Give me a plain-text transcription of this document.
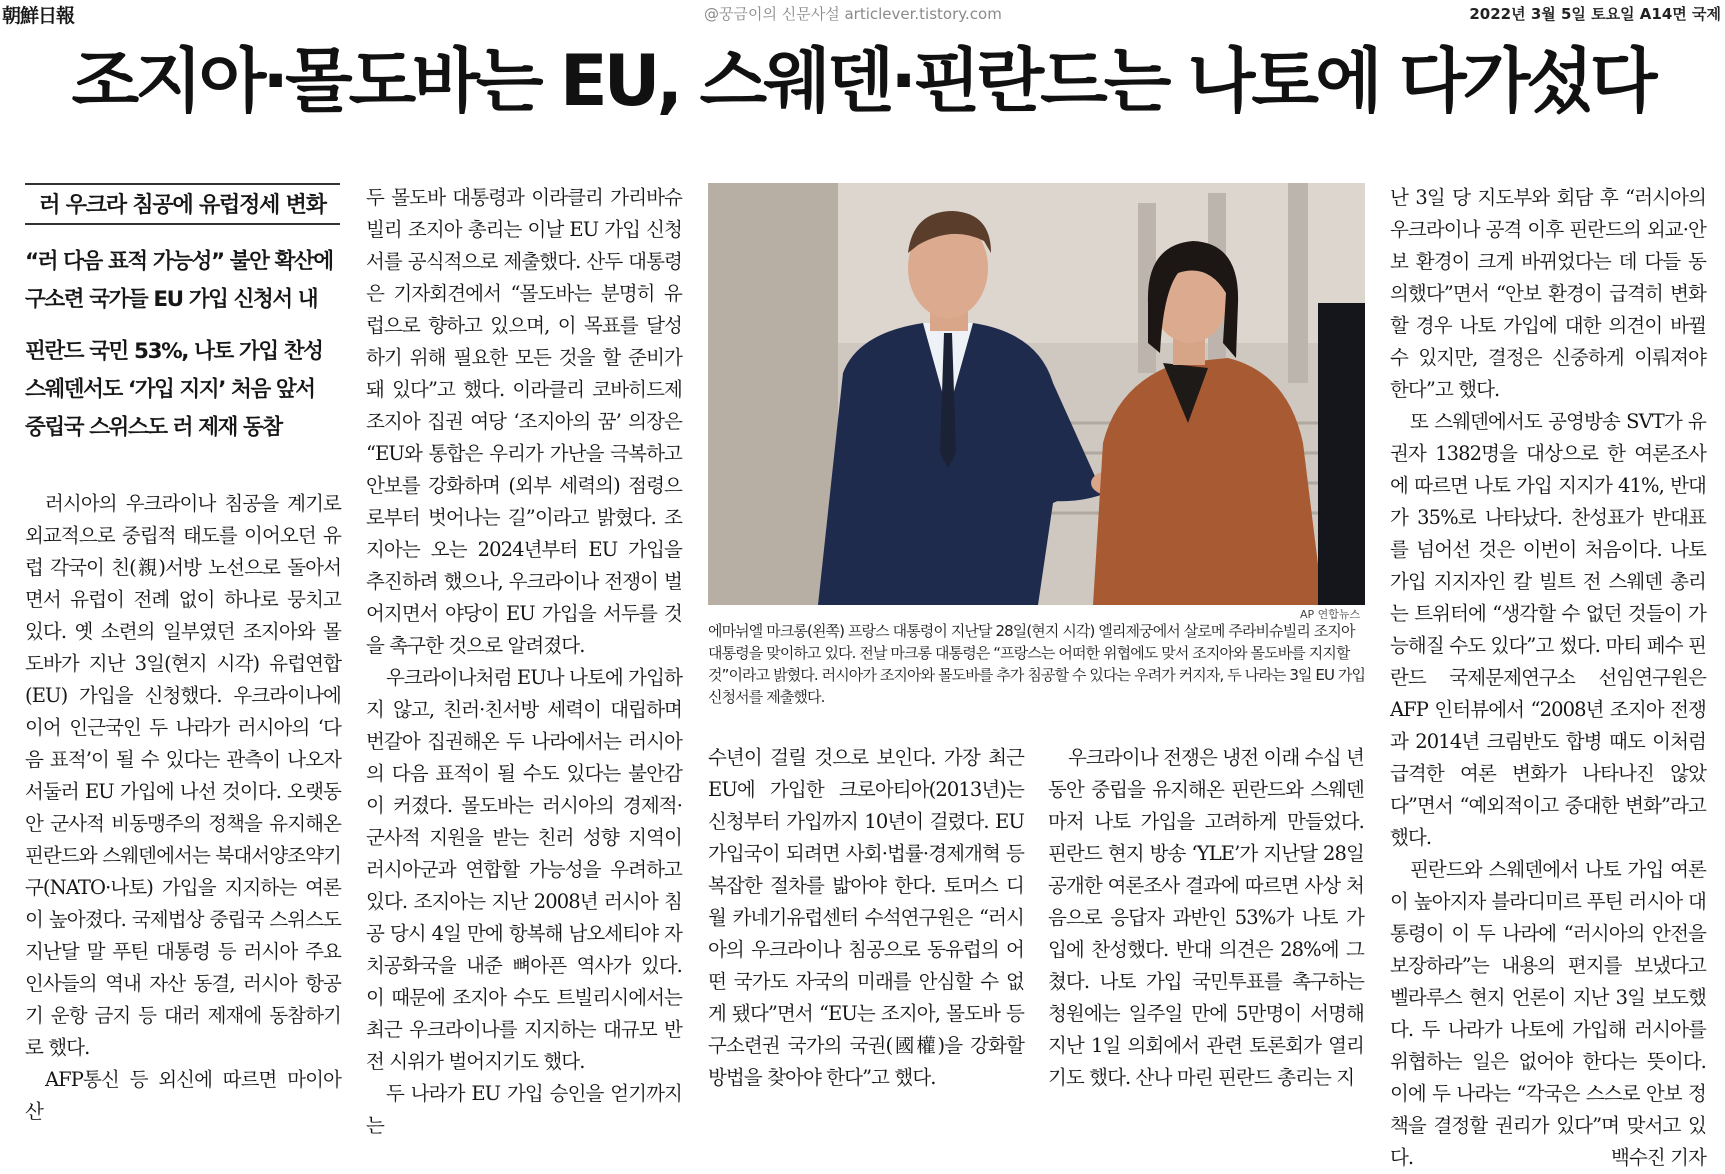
朝鮮日報	@꿍금이의 신문사설 articlever.tistory.com	2022년 3월 5일 토요일 A14면 국제
조지아·몰도바는 EU, 스웨덴·핀란드는 나토에 다가섰다
러 우크라 침공에 유럽정세 변화
“러 다음 표적 가능성” 불안 확산에
구소련 국가들 EU 가입 신청서 내
핀란드 국민 53%, 나토 가입 찬성
스웨덴서도 ‘가입 지지’ 처음 앞서
중립국 스위스도 러 제재 동참

러시아의 우크라이나 침공을 계기로 외교적으로 중립적 태도를 이어오던 유럽 각국이 친(親)서방 노선으로 돌아서면서 유럽이 전례 없이 하나로 뭉치고 있다. 옛 소련의 일부였던 조지아와 몰도바가 지난 3일(현지 시각) 유럽연합(EU) 가입을 신청했다. 우크라이나에 이어 인근국인 두 나라가 러시아의 ‘다음 표적’이 될 수 있다는 관측이 나오자 서둘러 EU 가입에 나선 것이다. 오랫동안 군사적 비동맹주의 정책을 유지해온 핀란드와 스웨덴에서는 북대서양조약기구(NATO·나토) 가입을 지지하는 여론이 높아졌다. 국제법상 중립국 스위스도 지난달 말 푸틴 대통령 등 러시아 주요 인사들의 역내 자산 동결, 러시아 항공기 운항 금지 등 대러 제재에 동참하기로 했다.

AFP통신 등 외신에 따르면 마이아 산

두 몰도바 대통령과 이라클리 가리바슈빌리 조지아 총리는 이날 EU 가입 신청서를 공식적으로 제출했다. 산두 대통령은 기자회견에서 “몰도바는 분명히 유럽으로 향하고 있으며, 이 목표를 달성하기 위해 필요한 모든 것을 할 준비가 돼 있다”고 했다. 이라클리 코바히드제 조지아 집권 여당 ‘조지아의 꿈’ 의장은 “EU와 통합은 우리가 가난을 극복하고 안보를 강화하며 (외부 세력의) 점령으로부터 벗어나는 길”이라고 밝혔다. 조지아는 오는 2024년부터 EU 가입을 추진하려 했으나, 우크라이나 전쟁이 벌어지면서 야당이 EU 가입을 서두를 것을 촉구한 것으로 알려졌다.

우크라이나처럼 EU나 나토에 가입하지 않고, 친러·친서방 세력이 대립하며 번갈아 집권해온 두 나라에서는 러시아의 다음 표적이 될 수도 있다는 불안감이 커졌다. 몰도바는 러시아의 경제적·군사적 지원을 받는 친러 성향 지역이 러시아군과 연합할 가능성을 우려하고 있다. 조지아는 지난 2008년 러시아 침공 당시 4일 만에 항복해 남오세티야 자치공화국을 내준 뼈아픈 역사가 있다. 이 때문에 조지아 수도 트빌리시에서는 최근 우크라이나를 지지하는 대규모 반전 시위가 벌어지기도 했다.

두 나라가 EU 가입 승인을 얻기까지는

AP 연합뉴스
에마뉘엘 마크롱(왼쪽) 프랑스 대통령이 지난달 28일(현지 시각) 엘리제궁에서 살로메 주라비슈빌리 조지아 대통령을 맞이하고 있다. 전날 마크롱 대통령은 “프랑스는 어떠한 위협에도 맞서 조지아와 몰도바를 지지할 것”이라고 밝혔다. 러시아가 조지아와 몰도바를 추가 침공할 수 있다는 우려가 커지자, 두 나라는 3일 EU 가입 신청서를 제출했다.

수년이 걸릴 것으로 보인다. 가장 최근 EU에 가입한 크로아티아(2013년)는 신청부터 가입까지 10년이 걸렸다. EU 가입국이 되려면 사회·법률·경제개혁 등 복잡한 절차를 밟아야 한다. 토머스 디 월 카네기유럽센터 수석연구원은 “러시아의 우크라이나 침공으로 동유럽의 어떤 국가도 자국의 미래를 안심할 수 없게 됐다”면서 “EU는 조지아, 몰도바 등 구소련권 국가의 국권(國權)을 강화할 방법을 찾아야 한다”고 했다.

우크라이나 전쟁은 냉전 이래 수십 년 동안 중립을 유지해온 핀란드와 스웨덴마저 나토 가입을 고려하게 만들었다. 핀란드 현지 방송 ‘YLE’가 지난달 28일 공개한 여론조사 결과에 따르면 사상 처음으로 응답자 과반인 53%가 나토 가입에 찬성했다. 반대 의견은 28%에 그쳤다. 나토 가입 국민투표를 촉구하는 청원에는 일주일 만에 5만명이 서명해 지난 1일 의회에서 관련 토론회가 열리기도 했다. 산나 마린 핀란드 총리는 지

난 3일 당 지도부와 회담 후 “러시아의 우크라이나 공격 이후 핀란드의 외교·안보 환경이 크게 바뀌었다는 데 다들 동의했다”면서 “안보 환경이 급격히 변화할 경우 나토 가입에 대한 의견이 바뀔 수 있지만, 결정은 신중하게 이뤄져야 한다”고 했다.

또 스웨덴에서도 공영방송 SVT가 유권자 1382명을 대상으로 한 여론조사에 따르면 나토 가입 지지가 41%, 반대가 35%로 나타났다. 찬성표가 반대표를 넘어선 것은 이번이 처음이다. 나토 가입 지지자인 칼 빌트 전 스웨덴 총리는 트위터에 “생각할 수 없던 것들이 가능해질 수도 있다”고 썼다. 마티 페수 핀란드 국제문제연구소 선임연구원은 AFP 인터뷰에서 “2008년 조지아 전쟁과 2014년 크림반도 합병 때도 이처럼 급격한 여론 변화가 나타나진 않았다”면서 “예외적이고 중대한 변화”라고 했다.

핀란드와 스웨덴에서 나토 가입 여론이 높아지자 블라디미르 푸틴 러시아 대통령이 이 두 나라에 “러시아의 안전을 보장하라”는 내용의 편지를 보냈다고 벨라루스 현지 언론이 지난 3일 보도했다. 두 나라가 나토에 가입해 러시아를 위협하는 일은 없어야 한다는 뜻이다. 이에 두 나라는 “각국은 스스로 안보 정책을 결정할 권리가 있다”며 맞서고 있다.	백수진 기자
